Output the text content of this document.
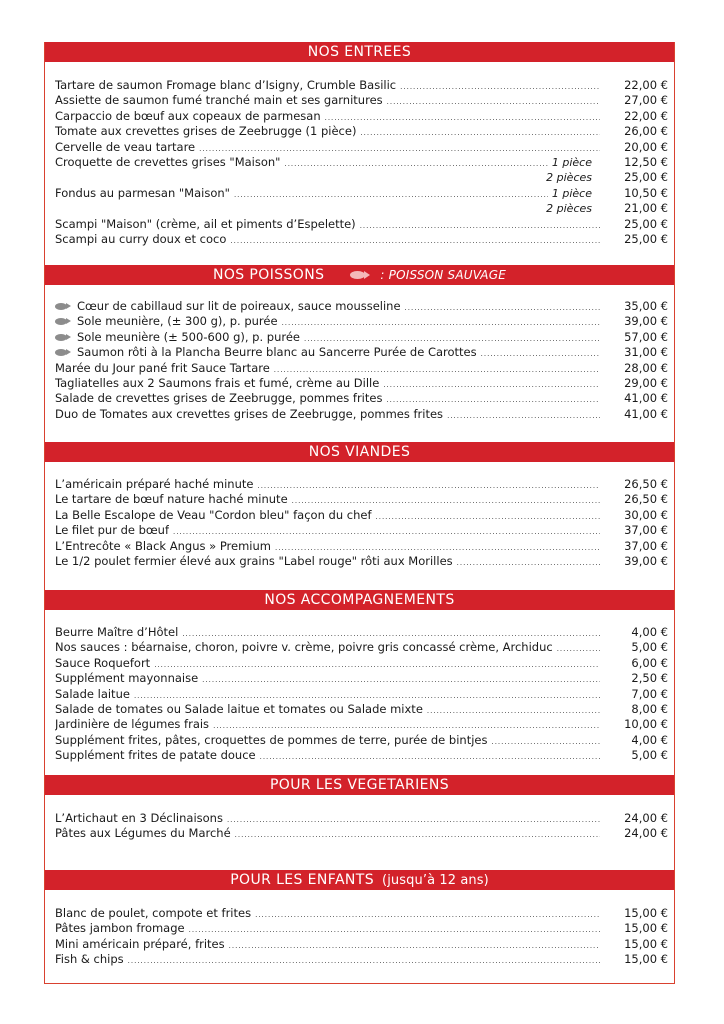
NOS ENTREES
Tartare de saumon Fromage blanc d’Isigny, Crumble Basilic .....	22,00 €
Assiette de saumon fumé tranché main et ses garnitures .....	27,00 €
Carpaccio de bœuf aux copeaux de parmesan .....	22,00 €
Tomate aux crevettes grises de Zeebrugge (1 pièce) .....	26,00 €
Cervelle de veau tartare .....	20,00 €
Croquette de crevettes grises "Maison" .....	1 pièce	12,50 €
2 pièces	25,00 €
Fondus au parmesan "Maison" .....	1 pièce	10,50 €
2 pièces	21,00 €
Scampi "Maison" (crème, ail et piments d’Espelette) .....	25,00 €
Scampi au curry doux et coco .....	25,00 €
NOS POISSONS	: POISSON SAUVAGE
Cœur de cabillaud sur lit de poireaux, sauce mousseline .....	35,00 €
Sole meunière, (± 300 g), p. purée .....	39,00 €
Sole meunière (± 500-600 g), p. purée .....	57,00 €
Saumon rôti à la Plancha Beurre blanc au Sancerre Purée de Carottes .....	31,00 €
Marée du Jour pané frit Sauce Tartare .....	28,00 €
Tagliatelles aux 2 Saumons frais et fumé, crème au Dille .....	29,00 €
Salade de crevettes grises de Zeebrugge, pommes frites .....	41,00 €
Duo de Tomates aux crevettes grises de Zeebrugge, pommes frites .....	41,00 €
NOS VIANDES
L’américain préparé haché minute .....	26,50 €
Le tartare de bœuf nature haché minute .....	26,50 €
La Belle Escalope de Veau "Cordon bleu" façon du chef .....	30,00 €
Le filet pur de bœuf .....	37,00 €
L’Entrecôte « Black Angus » Premium .....	37,00 €
Le 1/2 poulet fermier élevé aux grains "Label rouge" rôti aux Morilles .....	39,00 €
NOS ACCOMPAGNEMENTS
Beurre Maître d’Hôtel .....	4,00 €
Nos sauces : béarnaise, choron, poivre v. crème, poivre gris concassé crème, Archiduc .....	5,00 €
Sauce Roquefort .....	6,00 €
Supplément mayonnaise .....	2,50 €
Salade laitue .....	7,00 €
Salade de tomates ou Salade laitue et tomates ou Salade mixte .....	8,00 €
Jardinière de légumes frais .....	10,00 €
Supplément frites, pâtes, croquettes de pommes de terre, purée de bintjes .....	4,00 €
Supplément frites de patate douce .....	5,00 €
POUR LES VEGETARIENS
L’Artichaut en 3 Déclinaisons .....	24,00 €
Pâtes aux Légumes du Marché .....	24,00 €
POUR LES ENFANTS (jusqu’à 12 ans)
Blanc de poulet, compote et frites .....	15,00 €
Pâtes jambon fromage .....	15,00 €
Mini américain préparé, frites .....	15,00 €
Fish & chips .....	15,00 €
